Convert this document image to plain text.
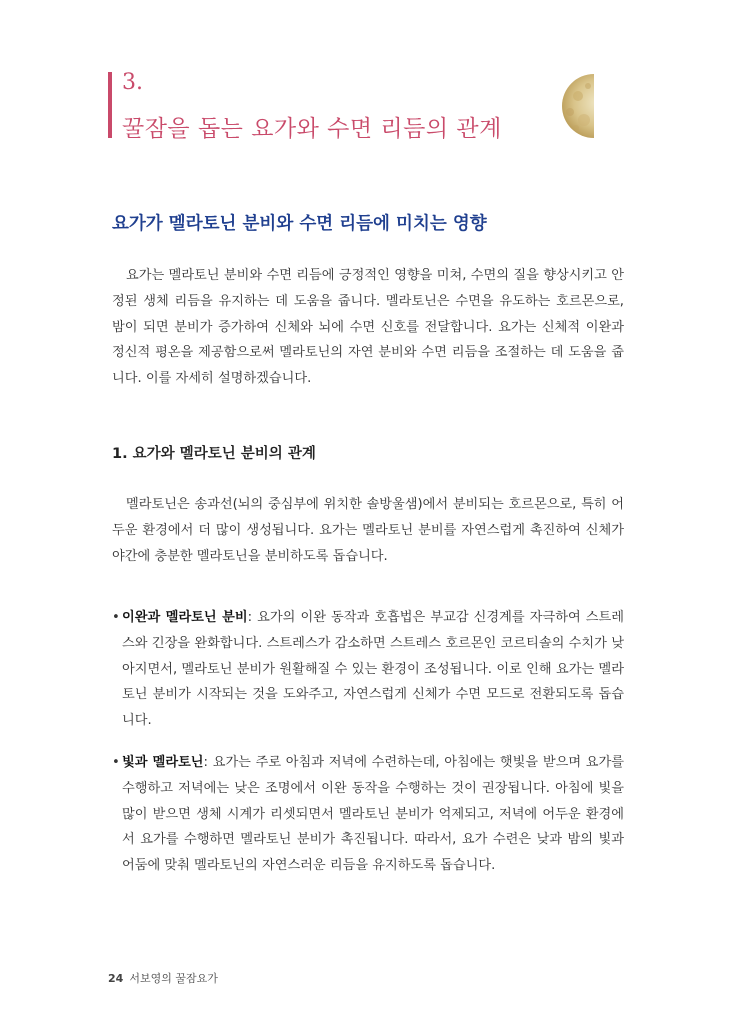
3.
꿀잠을 돕는 요가와 수면 리듬의 관계
요가가 멜라토닌 분비와 수면 리듬에 미치는 영향

요가는 멜라토닌 분비와 수면 리듬에 긍정적인 영향을 미쳐, 수면의 질을 향상시키고 안정된 생체 리듬을 유지하는 데 도움을 줍니다. 멜라토닌은 수면을 유도하는 호르몬으로, 밤이 되면 분비가 증가하여 신체와 뇌에 수면 신호를 전달합니다. 요가는 신체적 이완과 정신적 평온을 제공함으로써 멜라토닌의 자연 분비와 수면 리듬을 조절하는 데 도움을 줍니다. 이를 자세히 설명하겠습니다.

1. 요가와 멜라토닌 분비의 관계

멜라토닌은 송과선(뇌의 중심부에 위치한 솔방울샘)에서 분비되는 호르몬으로, 특히 어두운 환경에서 더 많이 생성됩니다. 요가는 멜라토닌 분비를 자연스럽게 촉진하여 신체가 야간에 충분한 멜라토닌을 분비하도록 돕습니다.

• 이완과 멜라토닌 분비: 요가의 이완 동작과 호흡법은 부교감 신경계를 자극하여 스트레스와 긴장을 완화합니다. 스트레스가 감소하면 스트레스 호르몬인 코르티솔의 수치가 낮아지면서, 멜라토닌 분비가 원활해질 수 있는 환경이 조성됩니다. 이로 인해 요가는 멜라토닌 분비가 시작되는 것을 도와주고, 자연스럽게 신체가 수면 모드로 전환되도록 돕습니다.
• 빛과 멜라토닌: 요가는 주로 아침과 저녁에 수련하는데, 아침에는 햇빛을 받으며 요가를 수행하고 저녁에는 낮은 조명에서 이완 동작을 수행하는 것이 권장됩니다. 아침에 빛을 많이 받으면 생체 시계가 리셋되면서 멜라토닌 분비가 억제되고, 저녁에 어두운 환경에서 요가를 수행하면 멜라토닌 분비가 촉진됩니다. 따라서, 요가 수련은 낮과 밤의 빛과 어둠에 맞춰 멜라토닌의 자연스러운 리듬을 유지하도록 돕습니다.
24 서보영의 꿀잠요가
